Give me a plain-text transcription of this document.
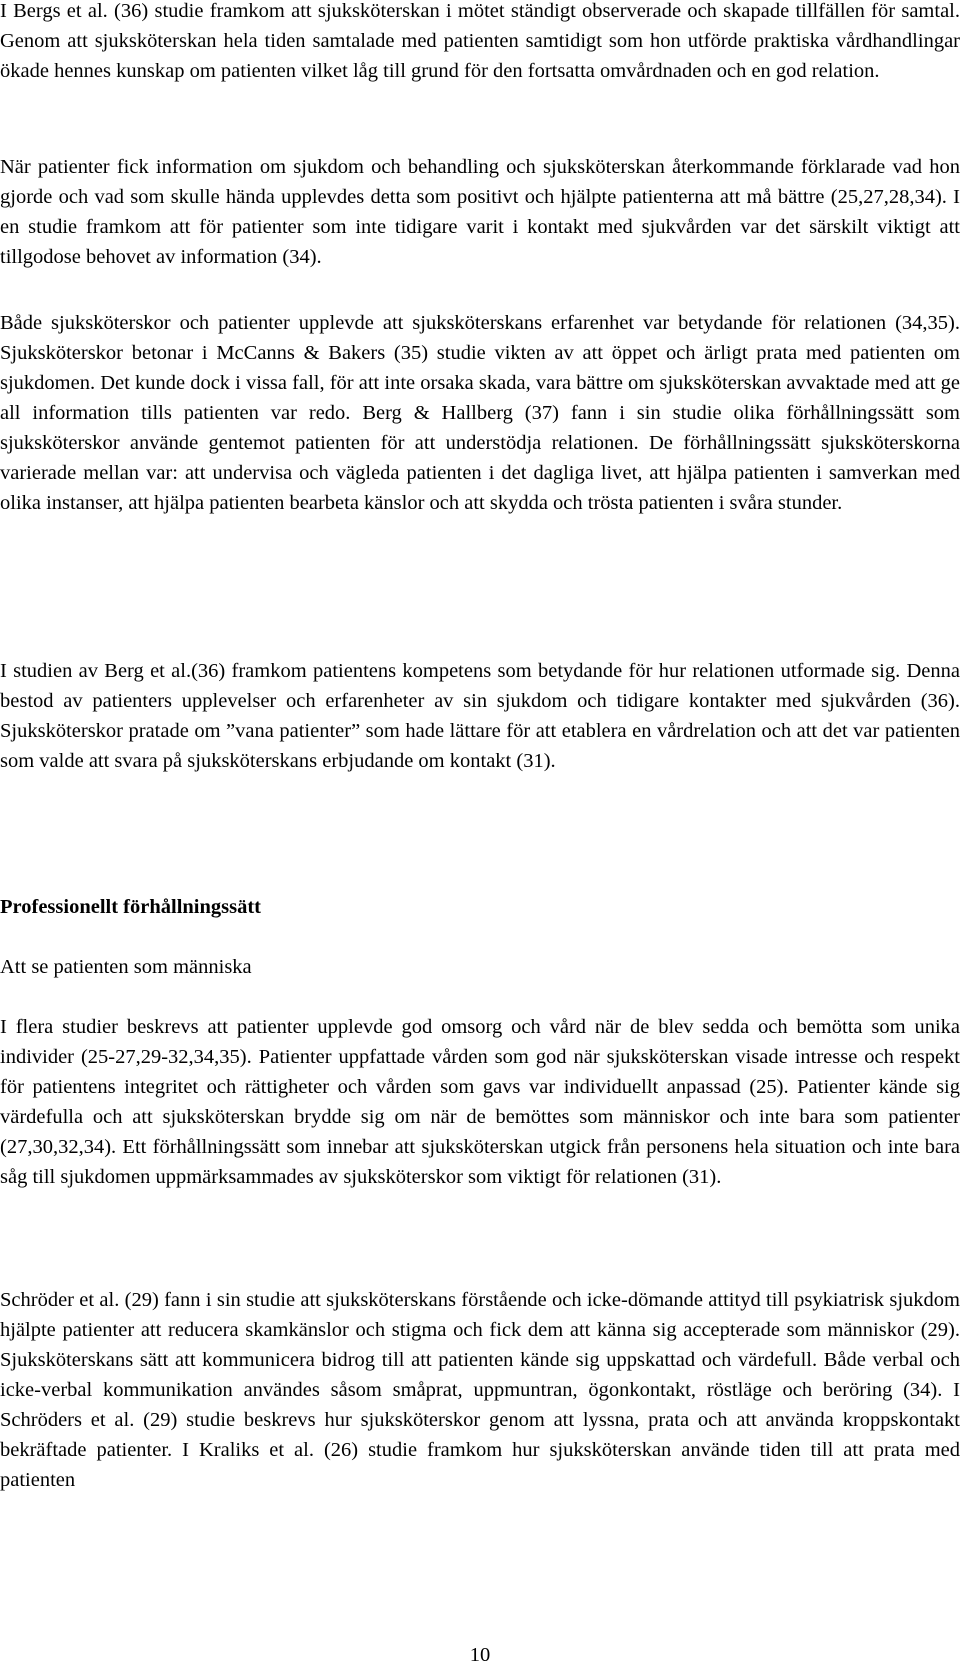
I Bergs et al. (36) studie framkom att sjuksköterskan i mötet ständigt observerade och skapade tillfällen för samtal. Genom att sjuksköterskan hela tiden samtalade med patienten samtidigt som hon utförde praktiska vårdhandlingar ökade hennes kunskap om patienten vilket låg till grund för den fortsatta omvårdnaden och en god relation.

När patienter fick information om sjukdom och behandling och sjuksköterskan återkommande förklarade vad hon gjorde och vad som skulle hända upplevdes detta som positivt och hjälpte patienterna att må bättre (25,27,28,34). I en studie framkom att för patienter som inte tidigare varit i kontakt med sjukvården var det särskilt viktigt att tillgodose behovet av information (34).

Både sjuksköterskor och patienter upplevde att sjuksköterskans erfarenhet var betydande för relationen (34,35). Sjuksköterskor betonar i McCanns & Bakers (35) studie vikten av att öppet och ärligt prata med patienten om sjukdomen. Det kunde dock i vissa fall, för att inte orsaka skada, vara bättre om sjuksköterskan avvaktade med att ge all information tills patienten var redo. Berg & Hallberg (37) fann i sin studie olika förhållningssätt som sjuksköterskor använde gentemot patienten för att understödja relationen. De förhållningssätt sjuksköterskorna varierade mellan var: att undervisa och vägleda patienten i det dagliga livet, att hjälpa patienten i samverkan med olika instanser, att hjälpa patienten bearbeta känslor och att skydda och trösta patienten i svåra stunder.

I studien av Berg et al.(36) framkom patientens kompetens som betydande för hur relationen utformade sig. Denna bestod av patienters upplevelser och erfarenheter av sin sjukdom och tidigare kontakter med sjukvården (36). Sjuksköterskor pratade om ”vana patienter” som hade lättare för att etablera en vårdrelation och att det var patienten som valde att svara på sjuksköterskans erbjudande om kontakt (31).

Professionellt förhållningssätt
Att se patienten som människa

I flera studier beskrevs att patienter upplevde god omsorg och vård när de blev sedda och bemötta som unika individer (25-27,29-32,34,35). Patienter uppfattade vården som god när sjuksköterskan visade intresse och respekt för patientens integritet och rättigheter och vården som gavs var individuellt anpassad (25). Patienter kände sig värdefulla och att sjuksköterskan brydde sig om när de bemöttes som människor och inte bara som patienter (27,30,32,34). Ett förhållningssätt som innebar att sjuksköterskan utgick från personens hela situation och inte bara såg till sjukdomen uppmärksammades av sjuksköterskor som viktigt för relationen (31).

Schröder et al. (29) fann i sin studie att sjuksköterskans förstående och icke-dömande attityd till psykiatrisk sjukdom hjälpte patienter att reducera skamkänslor och stigma och fick dem att känna sig accepterade som människor (29). Sjuksköterskans sätt att kommunicera bidrog till att patienten kände sig uppskattad och värdefull. Både verbal och icke-verbal kommunikation användes såsom småprat, uppmuntran, ögonkontakt, röstläge och beröring (34). I Schröders et al. (29) studie beskrevs hur sjuksköterskor genom att lyssna, prata och att använda kroppskontakt bekräftade patienter. I Kraliks et al. (26) studie framkom hur sjuksköterskan använde tiden till att prata med patienten

10
